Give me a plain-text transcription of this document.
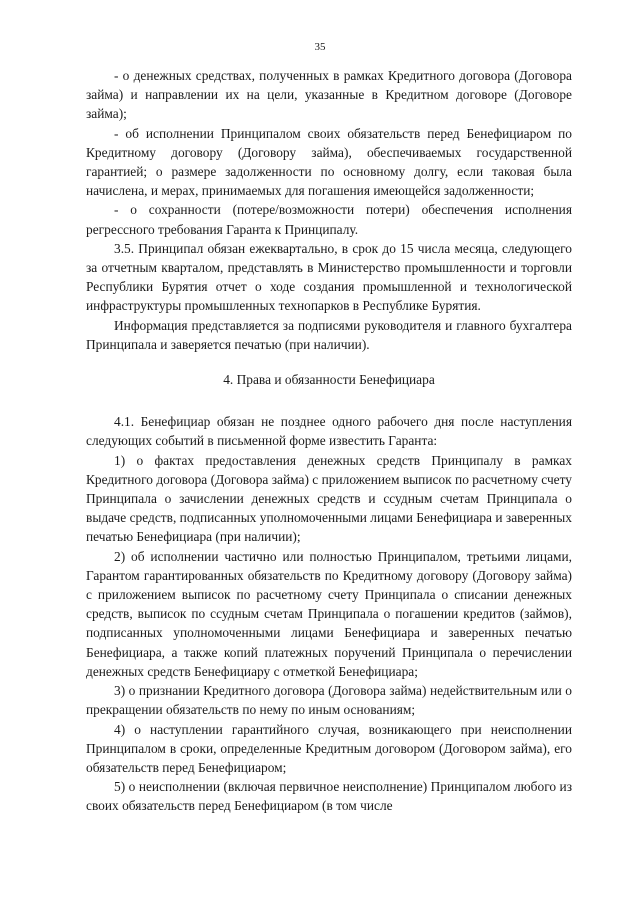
35

- о денежных средствах, полученных в рамках Кредитного договора (Договора займа) и направлении их на цели, указанные в Кредитном договоре (Договоре займа);

- об исполнении Принципалом своих обязательств перед Бенефициаром по Кредитному договору (Договору займа), обеспечиваемых государственной гарантией; о размере задолженности по основному долгу, если таковая была начислена, и мерах, принимаемых для погашения имеющейся задолженности;

- о сохранности (потере/возможности потери) обеспечения исполнения регрессного требования Гаранта к Принципалу.

3.5. Принципал обязан ежеквартально, в срок до 15 числа месяца, следующего за отчетным кварталом, представлять в Министерство промышленности и торговли Республики Бурятия отчет о ходе создания промышленной и технологической инфраструктуры промышленных технопарков в Республике Бурятия.

Информация представляется за подписями руководителя и главного бухгалтера Принципала и заверяется печатью (при наличии).

4. Права и обязанности Бенефициара

4.1. Бенефициар обязан не позднее одного рабочего дня после наступления следующих событий в письменной форме известить Гаранта:

1) о фактах предоставления денежных средств Принципалу в рамках Кредитного договора (Договора займа) с приложением выписок по расчетному счету Принципала о зачислении денежных средств и ссудным счетам Принципала о выдаче средств, подписанных уполномоченными лицами Бенефициара и заверенных печатью Бенефициара (при наличии);

2) об исполнении частично или полностью Принципалом, третьими лицами, Гарантом гарантированных обязательств по Кредитному договору (Договору займа) с приложением выписок по расчетному счету Принципала о списании денежных средств, выписок по ссудным счетам Принципала о погашении кредитов (займов), подписанных уполномоченными лицами Бенефициара и заверенных печатью Бенефициара, а также копий платежных поручений Принципала о перечислении денежных средств Бенефициару с отметкой Бенефициара;

3) о признании Кредитного договора (Договора займа) недействительным или о прекращении обязательств по нему по иным основаниям;

4) о наступлении гарантийного случая, возникающего при неисполнении Принципалом в сроки, определенные Кредитным договором (Договором займа), его обязательств перед Бенефициаром;

5) о неисполнении (включая первичное неисполнение) Принципалом любого из своих обязательств перед Бенефициаром (в том числе
